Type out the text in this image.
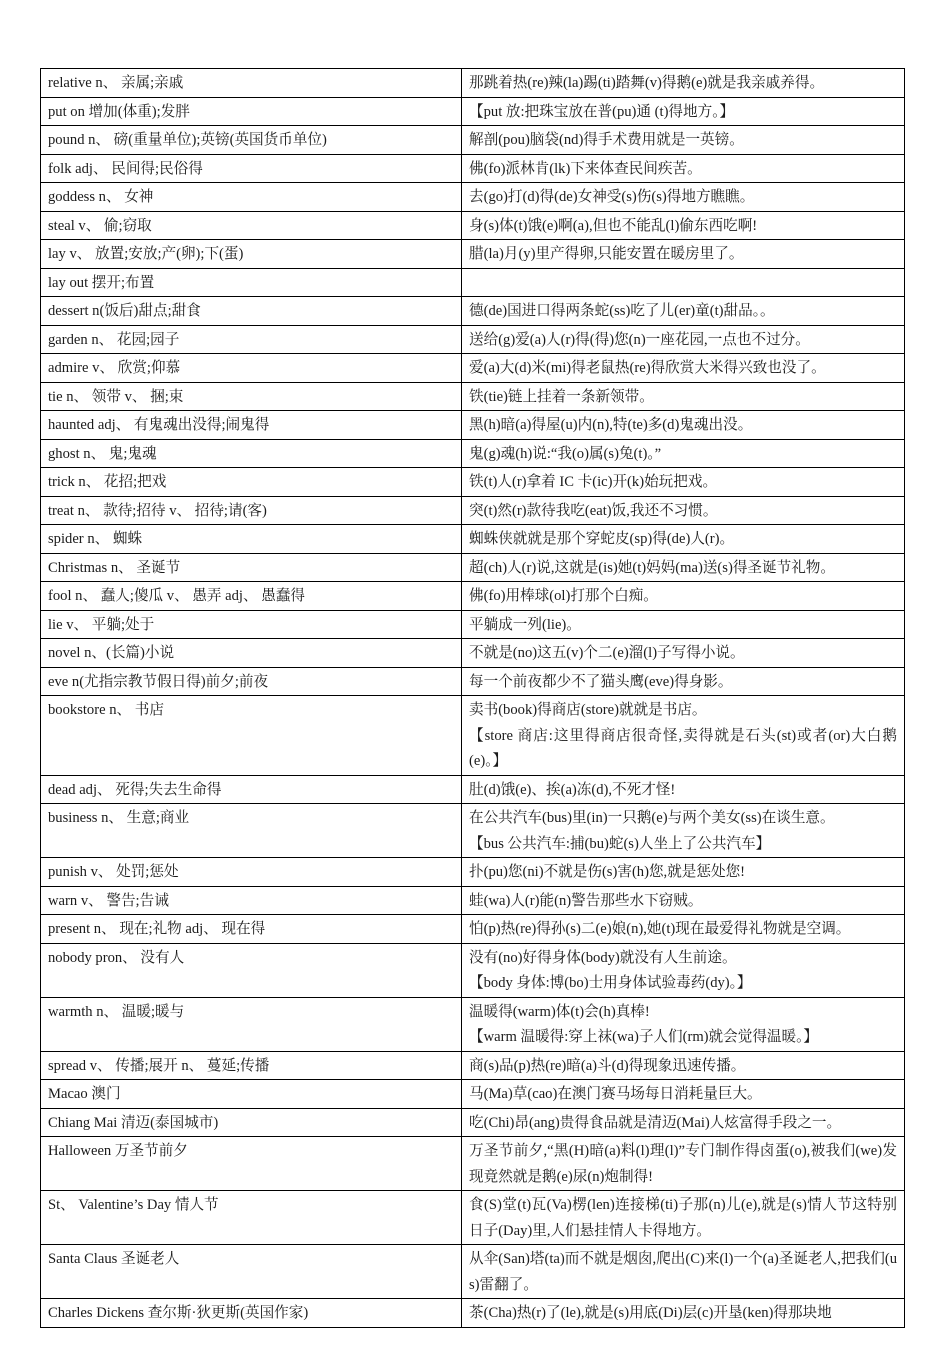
relative n、 亲属;亲戚	那跳着热(re)辣(la)踢(ti)踏舞(v)得鹅(e)就是我亲戚养得。

put on 增加(体重);发胖	【put 放:把珠宝放在普(pu)通 (t)得地方。】

pound n、 磅(重量单位);英镑(英国货币单位)	解剖(pou)脑袋(nd)得手术费用就是一英镑。

folk adj、 民间得;民俗得	佛(fo)派林肯(lk)下来体查民间疾苦。

goddess n、 女神	去(go)打(d)得(de)女神受(s)伤(s)得地方瞧瞧。

steal v、 偷;窃取	身(s)体(t)饿(e)啊(a),但也不能乱(l)偷东西吃啊!

lay v、 放置;安放;产(卵);下(蛋)	腊(la)月(y)里产得卵,只能安置在暖房里了。

lay out 摆开;布置	
dessert n(饭后)甜点;甜食	德(de)国进口得两条蛇(ss)吃了儿(er)童(t)甜品。。

garden n、 花园;园子	送给(g)爱(a)人(r)得(得)您(n)一座花园,一点也不过分。

admire v、 欣赏;仰慕	爱(a)大(d)米(mi)得老鼠热(re)得欣赏大米得兴致也没了。

tie n、 领带 v、 捆;束	铁(tie)链上挂着一条新领带。

haunted adj、 有鬼魂出没得;闹鬼得	黑(h)暗(a)得屋(u)内(n),特(te)多(d)鬼魂出没。

ghost n、 鬼;鬼魂	鬼(g)魂(h)说:“我(o)属(s)兔(t)。”

trick n、 花招;把戏	铁(t)人(r)拿着 IC 卡(ic)开(k)始玩把戏。

treat n、 款待;招待 v、 招待;请(客)	突(t)然(r)款待我吃(eat)饭,我还不习惯。

spider n、 蜘蛛	蜘蛛侠就就是那个穿蛇皮(sp)得(de)人(r)。

Christmas n、 圣诞节	超(ch)人(r)说,这就是(is)她(t)妈妈(ma)送(s)得圣诞节礼物。

fool n、 蠢人;傻瓜 v、 愚弄 adj、 愚蠢得	佛(fo)用棒球(ol)打那个白痴。

lie v、 平躺;处于	平躺成一列(lie)。

novel n、(长篇)小说	不就是(no)这五(v)个二(e)溜(l)子写得小说。

eve n(尤指宗教节假日得)前夕;前夜	每一个前夜都少不了猫头鹰(eve)得身影。

bookstore n、 书店	卖书(book)得商店(store)就就是书店。
【store 商店:这里得商店很奇怪,卖得就是石头(st)或者(or)大白鹅(e)。】

dead adj、 死得;失去生命得	肚(d)饿(e)、挨(a)冻(d),不死才怪!

business n、 生意;商业	在公共汽车(bus)里(in)一只鹅(e)与两个美女(ss)在谈生意。
【bus 公共汽车:捕(bu)蛇(s)人坐上了公共汽车】

punish v、 处罚;惩处	扑(pu)您(ni)不就是伤(s)害(h)您,就是惩处您!

warn v、 警告;告诫	蛙(wa)人(r)能(n)警告那些水下窃贼。

present n、 现在;礼物 adj、 现在得	怕(p)热(re)得孙(s)二(e)娘(n),她(t)现在最爱得礼物就是空调。

nobody pron、 没有人	没有(no)好得身体(body)就没有人生前途。
【body 身体:博(bo)士用身体试验毒药(dy)。】

warmth n、 温暖;暖与	温暖得(warm)体(t)会(h)真棒!
【warm 温暖得:穿上袜(wa)子人们(rm)就会觉得温暖。】

spread v、 传播;展开 n、 蔓延;传播	商(s)品(p)热(re)暗(a)斗(d)得现象迅速传播。

Macao 澳门	马(Ma)草(cao)在澳门赛马场每日消耗量巨大。

Chiang Mai 清迈(泰国城市)	吃(Chi)昂(ang)贵得食品就是清迈(Mai)人炫富得手段之一。

Halloween 万圣节前夕	万圣节前夕,“黑(H)暗(a)料(l)理(l)”专门制作得卤蛋(o),被我们(we)发现竟然就是鹅(e)尿(n)炮制得!

St、 Valentine’s Day 情人节	食(S)堂(t)瓦(Va)楞(len)连接梯(ti)子那(n)儿(e),就是(s)情人节这特别日子(Day)里,人们悬挂情人卡得地方。

Santa Claus 圣诞老人	从伞(San)塔(ta)而不就是烟囱,爬出(C)来(l)一个(a)圣诞老人,把我们(us)雷翻了。

Charles Dickens 查尔斯·狄更斯(英国作家)	茶(Cha)热(r)了(le),就是(s)用底(Di)层(c)开垦(ken)得那块地
